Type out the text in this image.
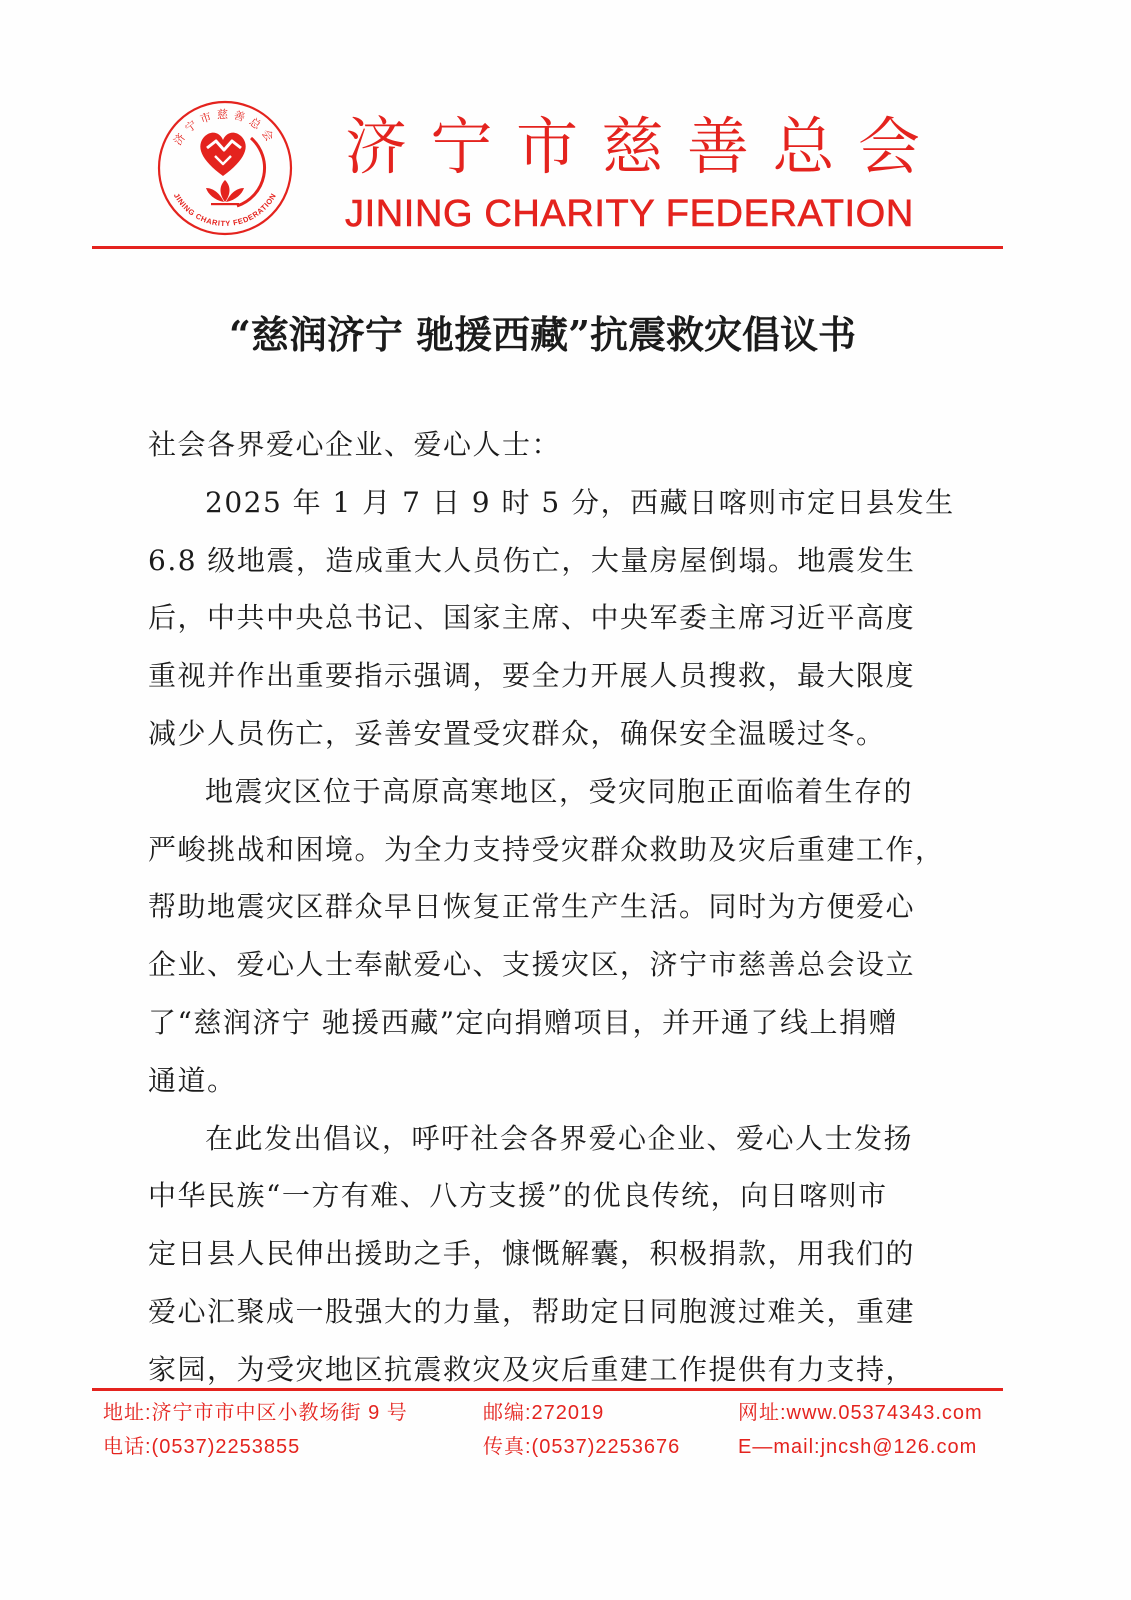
济宁市慈善总会
JINING CHARITY FEDERATION
济宁市慈善总会
JINING CHARITY FEDERATION
“慈润济宁 驰援西藏”抗震救灾倡议书
社会各界爱心企业、爱心人士：
2025 年 1 月 7 日 9 时 5 分，西藏日喀则市定日县发生
6.8 级地震，造成重大人员伤亡，大量房屋倒塌。地震发生
后，中共中央总书记、国家主席、中央军委主席习近平高度
重视并作出重要指示强调，要全力开展人员搜救，最大限度
减少人员伤亡，妥善安置受灾群众，确保安全温暖过冬。
地震灾区位于高原高寒地区，受灾同胞正面临着生存的
严峻挑战和困境。为全力支持受灾群众救助及灾后重建工作，
帮助地震灾区群众早日恢复正常生产生活。同时为方便爱心
企业、爱心人士奉献爱心、支援灾区，济宁市慈善总会设立
了“慈润济宁 驰援西藏”定向捐赠项目，并开通了线上捐赠
通道。
在此发出倡议，呼吁社会各界爱心企业、爱心人士发扬
中华民族“一方有难、八方支援”的优良传统，向日喀则市
定日县人民伸出援助之手，慷慨解囊，积极捐款，用我们的
爱心汇聚成一股强大的力量，帮助定日同胞渡过难关，重建
家园，为受灾地区抗震救灾及灾后重建工作提供有力支持，
地址:济宁市市中区小教场街 9 号	邮编:272019	网址:www.05374343.com
电话:(0537)2253855	传真:(0537)2253676	E—mail:jncsh@126.com
